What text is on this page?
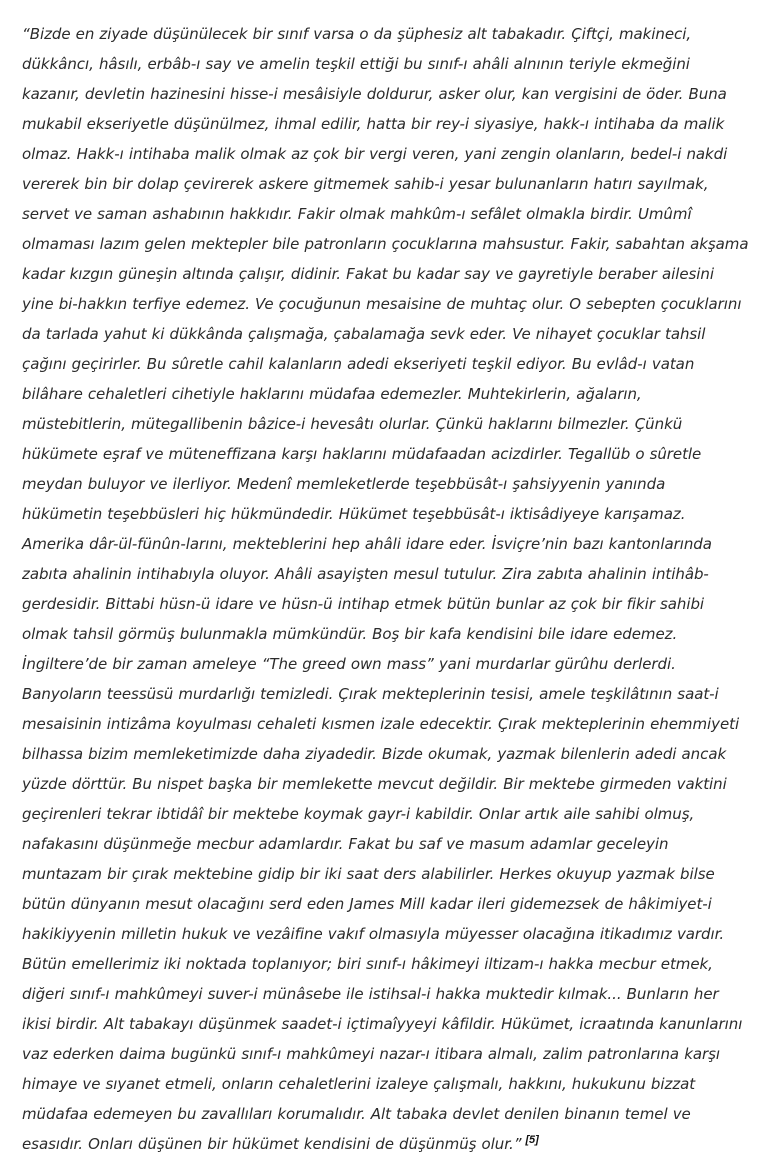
“Bizde en ziyade düşünülecek bir sınıf varsa o da şüphesiz alt tabakadır. Çiftçi, makineci, dükkâncı, hâsılı, erbâb-ı say ve amelin teşkil ettiği bu sınıf-ı ahâli alnının teriyle ekmeğini kazanır, devletin hazinesini hisse-i mesâisiyle doldurur, asker olur, kan vergisini de öder. Buna mukabil ekseriyetle düşünülmez, ihmal edilir, hatta bir rey-i siyasiye, hakk-ı intihaba da malik olmaz. Hakk-ı intihaba malik olmak az çok bir vergi veren, yani zengin olanların, bedel-i nakdi vererek bin bir dolap çevirerek askere gitmemek sahib-i yesar bulunanların hatırı sayılmak, servet ve saman ashabının hakkıdır. Fakir olmak mahkûm-ı sefâlet olmakla birdir. Umûmî olmaması lazım gelen mektepler bile patronların çocuklarına mahsustur. Fakir, sabahtan akşama kadar kızgın güneşin altında çalışır, didinir. Fakat bu kadar say ve gayretiyle beraber ailesini yine bi-hakkın terfiye edemez. Ve çocuğunun mesaisine de muhtaç olur. O sebepten çocuklarını da tarlada yahut ki dükkânda çalışmağa, çabalamağa sevk eder. Ve nihayet çocuklar tahsil çağını geçirirler. Bu sûretle cahil kalanların adedi ekseriyeti teşkil ediyor. Bu evlâd-ı vatan bilâhare cehaletleri cihetiyle haklarını müdafaa edemezler. Muhtekirlerin, ağaların, müstebitlerin, mütegallibenin bâzice-i hevesâtı olurlar. Çünkü haklarını bilmezler. Çünkü hükümete eşraf ve müteneffizana karşı haklarını müdafaadan acizdirler. Tegallüb o sûretle meydan buluyor ve ilerliyor. Medenî memleketlerde teşebbüsât-ı şahsiyyenin yanında hükümetin teşebbüsleri hiç hükmündedir. Hükümet teşebbüsât-ı iktisâdiyeye karışamaz. Amerika dâr-ül-fünûn-larını, mekteblerini hep ahâli idare eder. İsviçre’nin bazı kantonlarında zabıta ahalinin intihabıyla oluyor. Ahâli asayişten mesul tutulur. Zira zabıta ahalinin intihâb-gerdesidir. Bittabi hüsn-ü idare ve hüsn-ü intihap etmek bütün bunlar az çok bir fikir sahibi olmak tahsil görmüş bulunmakla mümkündür. Boş bir kafa kendisini bile idare edemez. İngiltere’de bir zaman ameleye “The greed own mass” yani murdarlar gürûhu derlerdi. Banyoların teessüsü murdarlığı temizledi. Çırak mekteplerinin tesisi, amele teşkilâtının saat-i mesaisinin intizâma koyulması cehaleti kısmen izale edecektir. Çırak mekteplerinin ehemmiyeti bilhassa bizim memleketimizde daha ziyadedir. Bizde okumak, yazmak bilenlerin adedi ancak yüzde dörttür. Bu nispet başka bir memlekette mevcut değildir. Bir mektebe girmeden vaktini geçirenleri tekrar ibtidâî bir mektebe koymak gayr-i kabildir. Onlar artık aile sahibi olmuş, nafakasını düşünmeğe mecbur adamlardır. Fakat bu saf ve masum adamlar geceleyin muntazam bir çırak mektebine gidip bir iki saat ders alabilirler. Herkes okuyup yazmak bilse bütün dünyanın mesut olacağını serd eden James Mill kadar ileri gidemezsek de hâkimiyet-i hakikiyyenin milletin hukuk ve vezâifine vakıf olmasıyla müyesser olacağına itikadımız vardır. Bütün emellerimiz iki noktada toplanıyor; biri sınıf-ı hâkimeyi iltizam-ı hakka mecbur etmek, diğeri sınıf-ı mahkûmeyi suver-i münâsebe ile istihsal-i hakka muktedir kılmak... Bunların her ikisi birdir. Alt tabakayı düşünmek saadet-i içtimaîyyeyi kâfildir. Hükümet, icraatında kanunlarını vaz ederken daima bugünkü sınıf-ı mahkûmeyi nazar-ı itibara almalı, zalim patronlarına karşı himaye ve sıyanet etmeli, onların cehaletlerini izaleye çalışmalı, hakkını, hukukunu bizzat müdafaa edemeyen bu zavallıları korumalıdır. Alt tabaka devlet denilen binanın temel ve esasıdır. Onları düşünen bir hükümet kendisini de düşünmüş olur.” [5]
